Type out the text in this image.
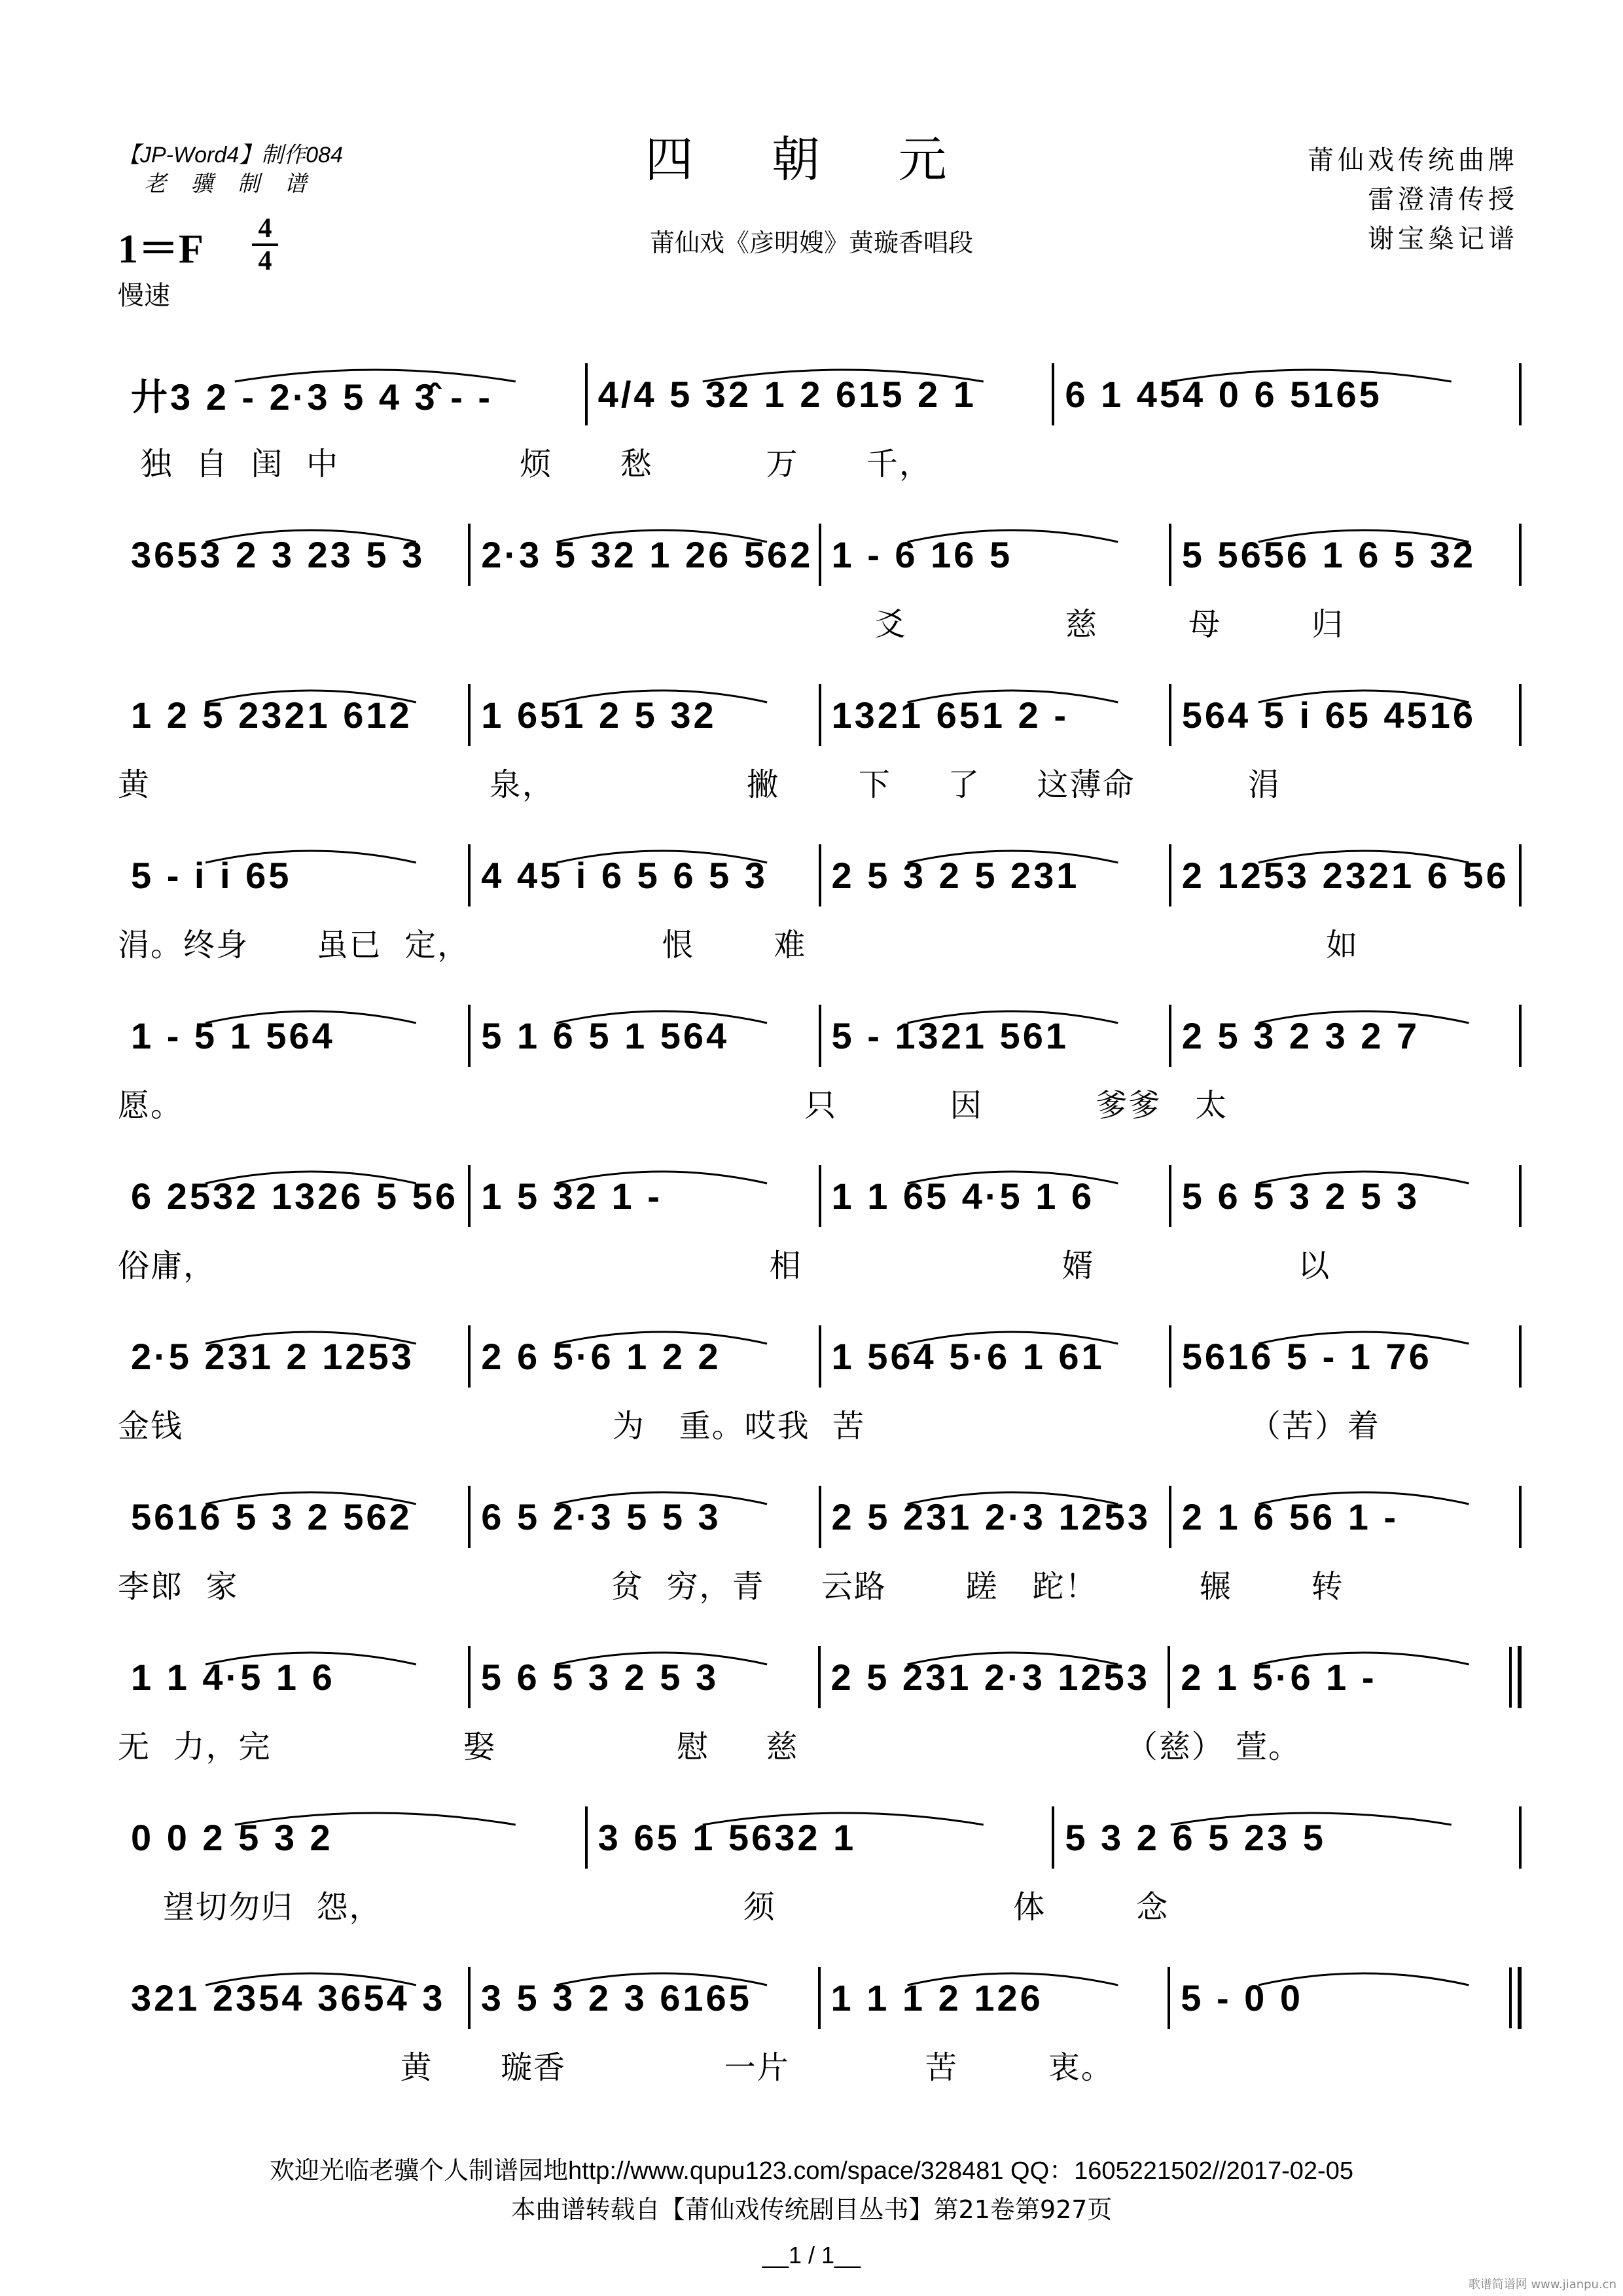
【JP-Word4】制作084
老 骥 制 谱	四 朝 元
莆仙戏《彦明嫂》黄璇香唱段
莆仙戏传统曲牌
雷澄清传授
谢宝燊记谱
1＝F 4
4
慢速
廾3 2 - 2·3 5 4 3̂ - -	4/4 5 32 1 2 615 2 1	6 1 454 0 6 5165
独  自  闺  中                烦      愁          万      千，
3653 2 3 23 5 3	2·3 5 32 1 26 562 1 - 6 16 5	5 5656 1 6 5 32
爻              慈        母        归
1 2 5 2321 612	1 651 2 5 32	1321 651 2 -	564 5 i 65 4516
黄                              泉，                 撇       下     了     这薄命          涓
5 - i i 65	4 45 i 6 5 6 5 3	2 5 3 2 5 231	2 1253 2321 6 56
涓。终身      虽已  定，                 恨       难                                              如
1 - 5 1 564	5 1 6 5 1 564	5 - 1321 561	2 5 3 2 3 2 7
愿。                                                       只          因          爹爹   太
6 2532 1326 5 56 1 5 32 1 -	1 1 65 4·5 1 6	5 6 5 3 2 5 3
俗庸，                                                 相                       婿                  以
2·5 231 2 1253	2 6 5·6 1 2 2	1 564 5·6 1 61	5616 5 - 1 76
金钱                                      为   重。哎我  苦                                  （苦）着
5616 5 3 2 562	6 5 2·3 5 5 3	2 5 231 2·3 1253 2 1 6 56 1 -
李郎  家                                 贫  穷，青     云路       蹉   跎！         辗       转
1 1 4·5 1 6	5 6 5 3 2 5 3	2 5 231 2·3 1253 2 1 5·6 1 -
无  力，完                 娶                慰     慈                             （慈） 萱。
0 0 2 5 3 2	3 65 1 5632 1	5 3 2 6 5 23 5
望切勿归  怨，                                须                     体        念
321 2354 3654 3 3 5 3 2 3 6165	1 1 1 2 126	5 - 0 0
黄      璇香              一片            苦        衷。
欢迎光临老骥个人制谱园地http://www.qupu123.com/space/328481 QQ：1605221502//2017-02-05
本曲谱转载自【莆仙戏传统剧目丛书】第21卷第927页
__1 / 1__
歌谱简谱网 www.jianpu.cn
